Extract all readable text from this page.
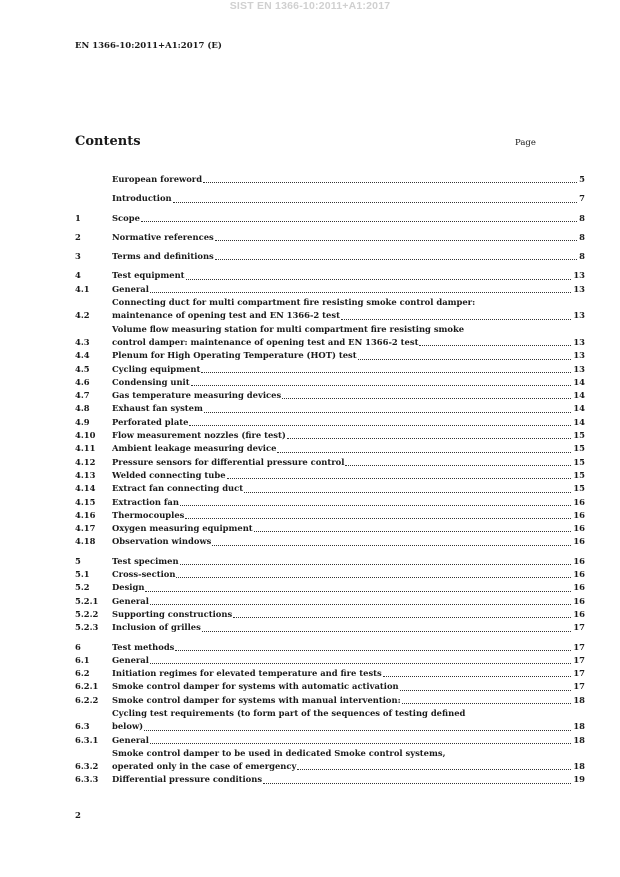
SIST EN 1366-10:2011+A1:2017
EN 1366-10:2011+A1:2017 (E)
Contents	Page
European foreword	5
Introduction	7
1	Scope	8
2	Normative references	8
3	Terms and definitions	8
4	Test equipment	13
4.1	General	13
4.2
Connecting duct for multi compartment fire resisting smoke control damper:
maintenance of opening test and EN 1366-2 test	13
4.3
Volume flow measuring station for multi compartment fire resisting smoke
control damper: maintenance of opening test and EN 1366-2 test	13
4.4	Plenum for High Operating Temperature (HOT) test	13
4.5	Cycling equipment	13
4.6	Condensing unit	14
4.7	Gas temperature measuring devices	14
4.8	Exhaust fan system	14
4.9	Perforated plate	14
4.10	Flow measurement nozzles (fire test)	15
4.11	Ambient leakage measuring device	15
4.12	Pressure sensors for differential pressure control	15
4.13	Welded connecting tube	15
4.14	Extract fan connecting duct	15
4.15	Extraction fan	16
4.16	Thermocouples	16
4.17	Oxygen measuring equipment	16
4.18	Observation windows	16
5	Test specimen	16
5.1	Cross-section	16
5.2	Design	16
5.2.1	General	16
5.2.2	Supporting constructions	16
5.2.3	Inclusion of grilles	17
6	Test methods	17
6.1	General	17
6.2	Initiation regimes for elevated temperature and fire tests	17
6.2.1	Smoke control damper for systems with automatic activation	17
6.2.2	Smoke control damper for systems with manual intervention:	18
6.3
Cycling test requirements (to form part of the sequences of testing defined
below)	18
6.3.1	General	18
6.3.2
Smoke control damper to be used in dedicated Smoke control systems,
operated only in the case of emergency	18
6.3.3	Differential pressure conditions	19
2
